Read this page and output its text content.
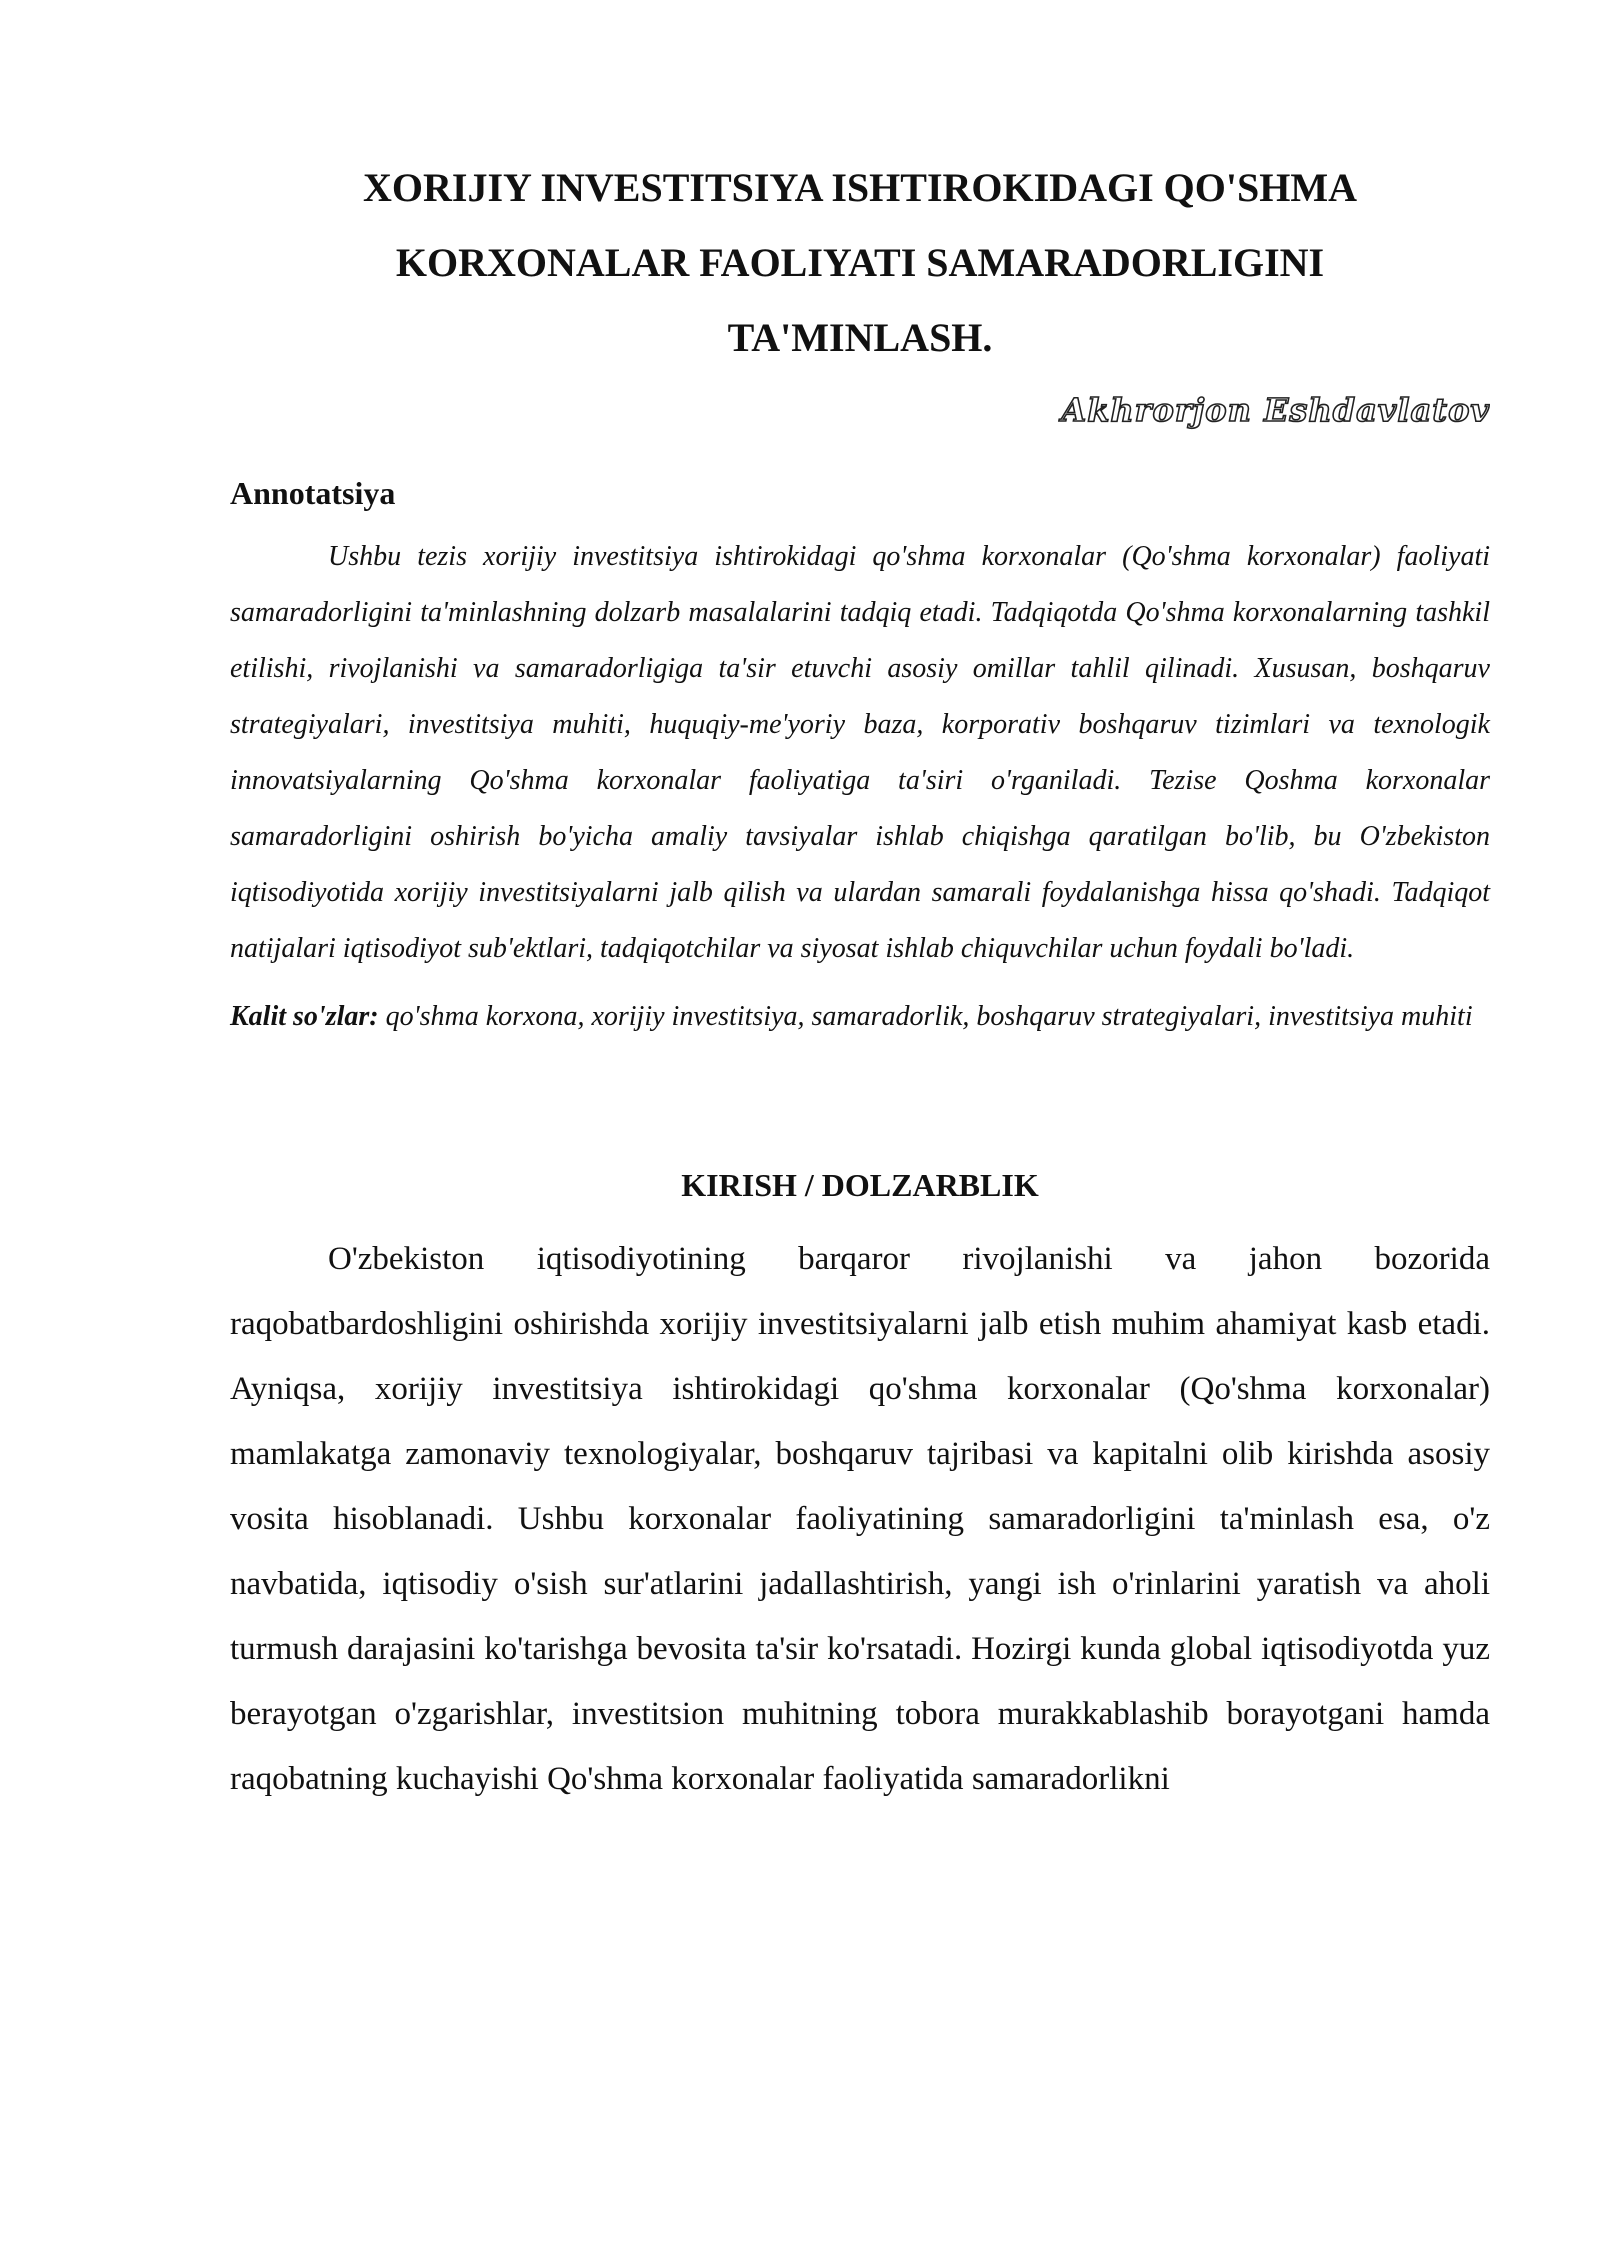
XORIJIY INVESTITSIYA ISHTIROKIDAGI QO'SHMA
KORXONALAR FAOLIYATI SAMARADORLIGINI
TA'MINLASH.
Akhrorjon Eshdavlatov
Annotatsiya

Ushbu tezis xorijiy investitsiya ishtirokidagi qo'shma korxonalar (Qo'shma korxonalar) faoliyati samaradorligini ta'minlashning dolzarb masalalarini tadqiq etadi. Tadqiqotda Qo'shma korxonalarning tashkil etilishi, rivojlanishi va samaradorligiga ta'sir etuvchi asosiy omillar tahlil qilinadi. Xususan, boshqaruv strategiyalari, investitsiya muhiti, huquqiy-me'yoriy baza, korporativ boshqaruv tizimlari va texnologik innovatsiyalarning Qo'shma korxonalar faoliyatiga ta'siri o'rganiladi. Tezise Qoshma korxonalar samaradorligini oshirish bo'yicha amaliy tavsiyalar ishlab chiqishga qaratilgan bo'lib, bu O'zbekiston iqtisodiyotida xorijiy investitsiyalarni jalb qilish va ulardan samarali foydalanishga hissa qo'shadi. Tadqiqot natijalari iqtisodiyot sub'ektlari, tadqiqotchilar va siyosat ishlab chiquvchilar uchun foydali bo'ladi.

Kalit so'zlar: qo'shma korxona, xorijiy investitsiya, samaradorlik, boshqaruv strategiyalari, investitsiya muhiti

KIRISH / DOLZARBLIK

O'zbekiston iqtisodiyotining barqaror rivojlanishi va jahon bozorida raqobatbardoshligini oshirishda xorijiy investitsiyalarni jalb etish muhim ahamiyat kasb etadi. Ayniqsa, xorijiy investitsiya ishtirokidagi qo'shma korxonalar (Qo'shma korxonalar) mamlakatga zamonaviy texnologiyalar, boshqaruv tajribasi va kapitalni olib kirishda asosiy vosita hisoblanadi. Ushbu korxonalar faoliyatining samaradorligini ta'minlash esa, o'z navbatida, iqtisodiy o'sish sur'atlarini jadallashtirish, yangi ish o'rinlarini yaratish va aholi turmush darajasini ko'tarishga bevosita ta'sir ko'rsatadi. Hozirgi kunda global iqtisodiyotda yuz berayotgan o'zgarishlar, investitsion muhitning tobora murakkablashib borayotgani hamda raqobatning kuchayishi Qo'shma korxonalar faoliyatida samaradorlikni
